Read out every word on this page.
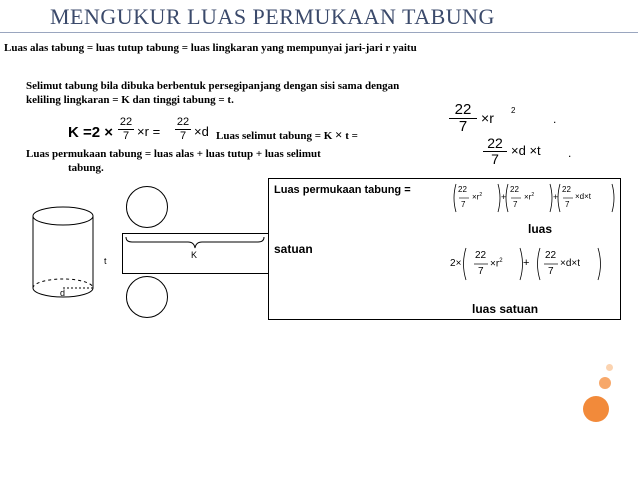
MENGUKUR LUAS PERMUKAAN TABUNG
Luas alas tabung = luas tutup tabung = luas lingkaran yang mempunyai jari-jari r yaitu
Selimut tabung bila dibuka berbentuk persegipanjang dengan sisi sama dengan
keliling lingkaran = K dan tinggi tabung = t.
$\frac{22}{7} \times r$ 2
.
$K =2 \times \frac{22}{7} \times r = \frac{22}{7} \times d$ Luas selimut tabung = K × t =	$\frac{22}{7} \times d \times t$ .
Luas permukaan tabung = luas alas + luas tutup + luas selimut
tabung.
t
d
K
Luas permukaan tabung =	22
7
$\times r^2$ +
22
7
$\times r^2$ +
22
7
×d×t
luas
satuan
2×
22
7
$\times r^2$ +
22
7
×d×t
luas satuan
